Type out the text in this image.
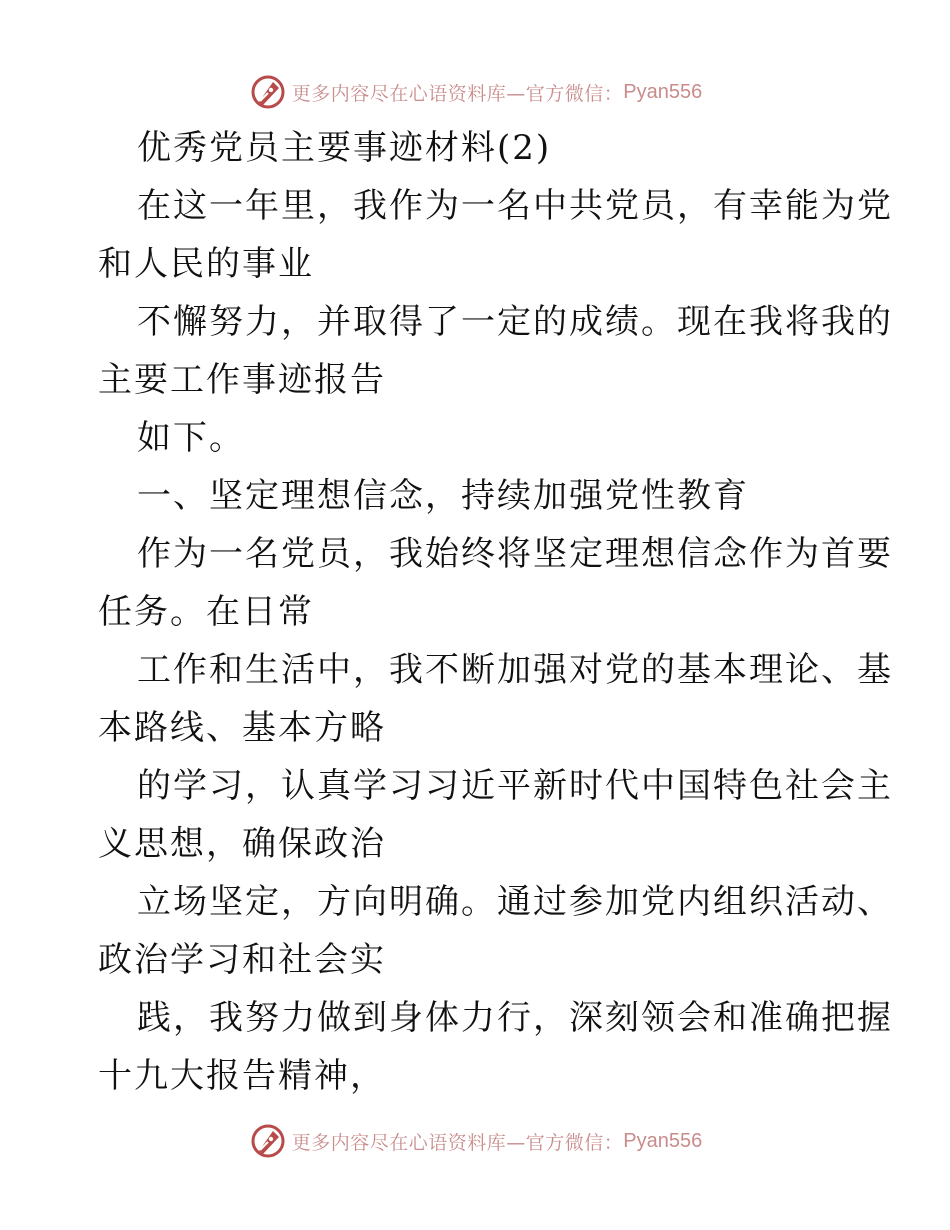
更多内容尽在心语资料库—官方微信： Pyan556
优秀党员主要事迹材料(2)
在这一年里，我作为一名中共党员，有幸能为党
和人民的事业
不懈努力，并取得了一定的成绩。现在我将我的
主要工作事迹报告
如下。
一、坚定理想信念，持续加强党性教育
作为一名党员，我始终将坚定理想信念作为首要
任务。在日常
工作和生活中，我不断加强对党的基本理论、基
本路线、基本方略
的学习，认真学习习近平新时代中国特色社会主
义思想，确保政治
立场坚定，方向明确。通过参加党内组织活动、
政治学习和社会实
践，我努力做到身体力行，深刻领会和准确把握
十九大报告精神，
更多内容尽在心语资料库—官方微信： Pyan556
